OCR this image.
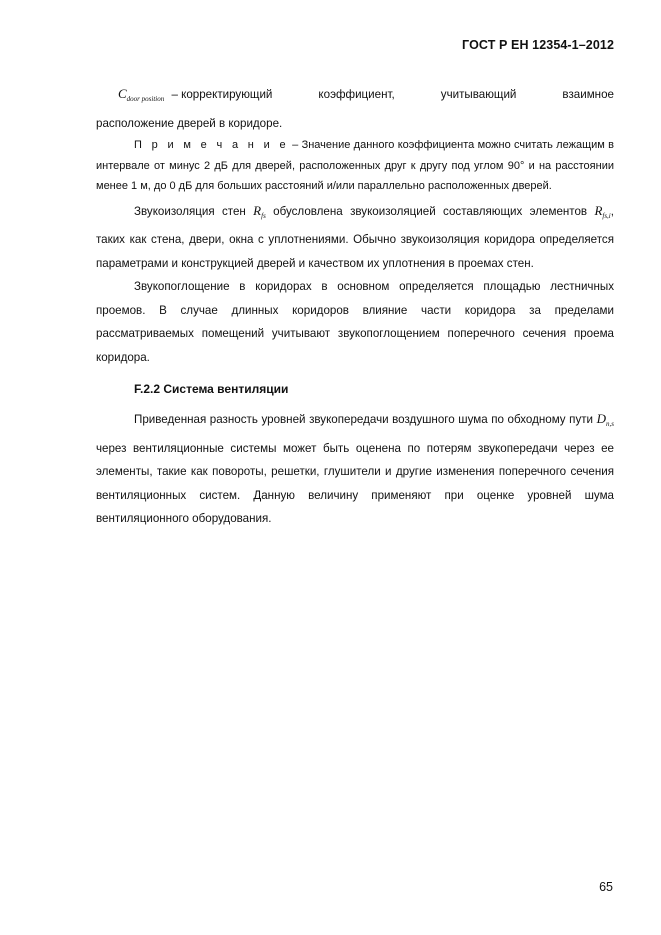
ГОСТ Р ЕН 12354-1–2012
$C_{door position}$ – корректирующий	коэффициент,	учитывающий	взаимное

расположение дверей в коридоре.

П р и м е ч а н и е – Значение данного коэффициента можно считать лежащим в интервале от минус 2 дБ для дверей, расположенных друг к другу под углом 90° и на расстоянии менее 1 м, до 0 дБ для больших расстояний и/или параллельно расположенных дверей.

Звукоизоляция стен $R_{fs}$ обусловлена звукоизоляцией составляющих элементов $R_{fs,i}$, таких как стена, двери, окна с уплотнениями. Обычно звукоизоляция коридора определяется параметрами и конструкцией дверей и качеством их уплотнения в проемах стен.

Звукопоглощение в коридорах в основном определяется площадью лестничных проемов. В случае длинных коридоров влияние части коридора за пределами рассматриваемых помещений учитывают звукопоглощением поперечного сечения проема коридора.

F.2.2 Система вентиляции

Приведенная разность уровней звукопередачи воздушного шума по обходному пути $D_{n,s}$ через вентиляционные системы может быть оценена по потерям звукопередачи через ее элементы, такие как повороты, решетки, глушители и другие изменения поперечного сечения вентиляционных систем. Данную величину применяют при оценке уровней шума вентиляционного оборудования.

65
